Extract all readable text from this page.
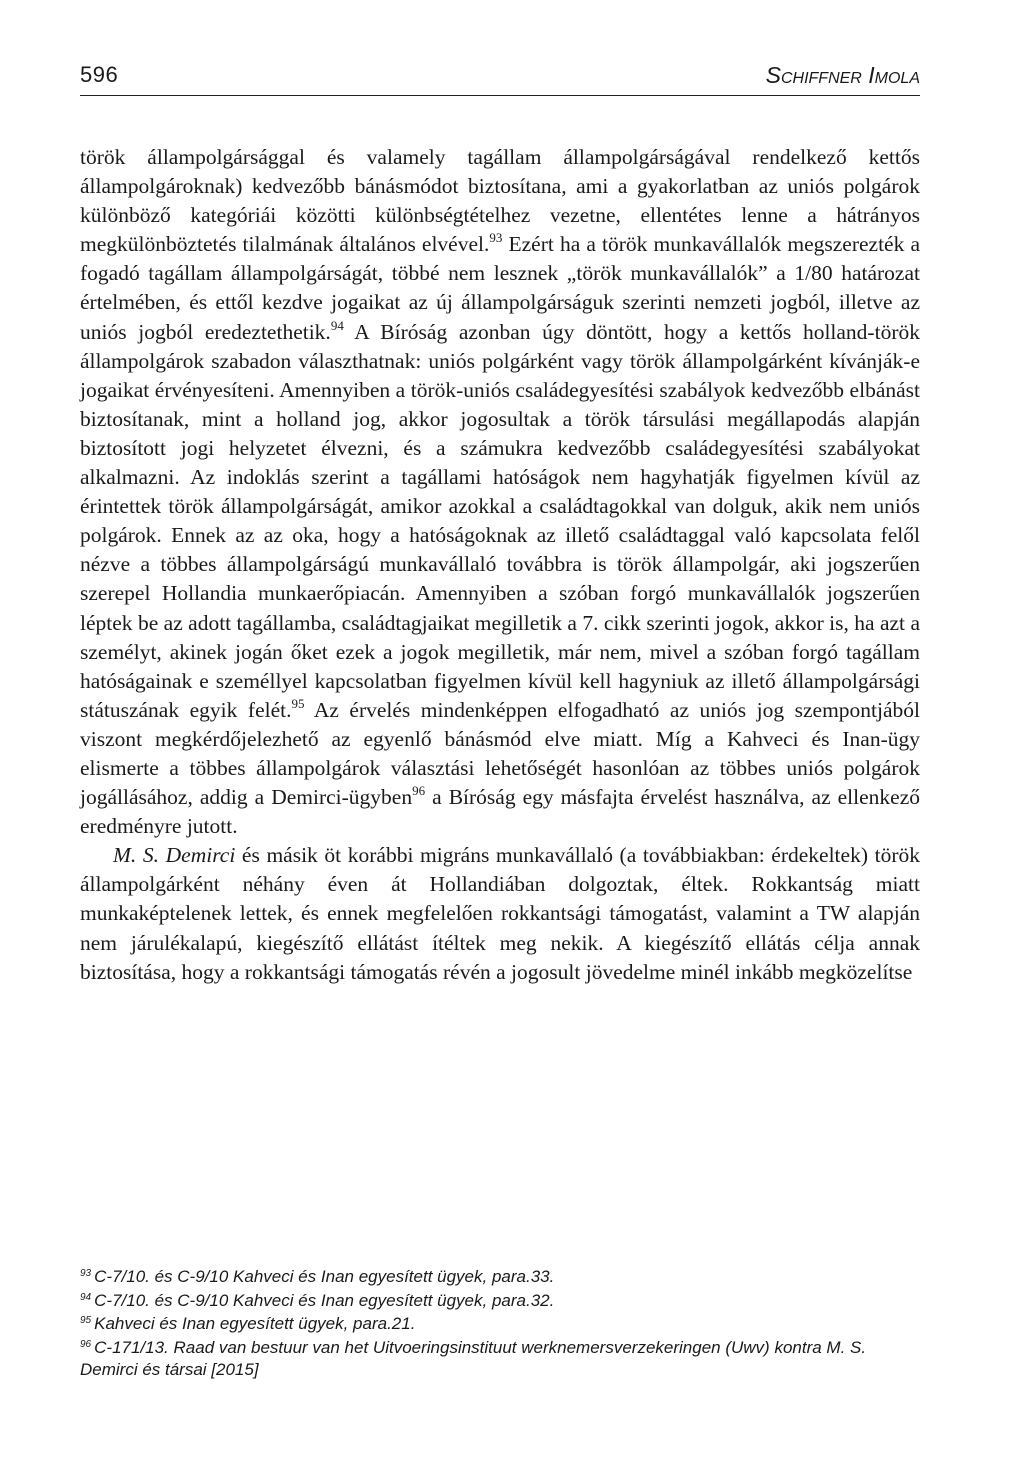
596	Schiffner Imola

török állampolgársággal és valamely tagállam állampolgárságával rendelkező kettős állampolgároknak) kedvezőbb bánásmódot biztosítana, ami a gyakorlatban az uniós polgárok különböző kategóriái közötti különbségtételhez vezetne, ellentétes lenne a hátrányos megkülönböztetés tilalmának általános elvével.$^{93}$ Ezért ha a török munkavállalók megszerezték a fogadó tagállam állampolgárságát, többé nem lesznek „török munkavállalók” a 1/80 határozat értelmében, és ettől kezdve jogaikat az új állampolgárságuk szerinti nemzeti jogból, illetve az uniós jogból eredeztethetik.$^{94}$ A Bíróság azonban úgy döntött, hogy a kettős holland-török állampolgárok szabadon választhatnak: uniós polgárként vagy török állampolgárként kívánják-e jogaikat érvényesíteni. Amennyiben a török-uniós családegyesítési szabályok kedvezőbb elbánást biztosítanak, mint a holland jog, akkor jogosultak a török társulási megállapodás alapján biztosított jogi helyzetet élvezni, és a számukra kedvezőbb családegyesítési szabályokat alkalmazni. Az indoklás szerint a tagállami hatóságok nem hagyhatják figyelmen kívül az érintettek török állampolgárságát, amikor azokkal a családtagokkal van dolguk, akik nem uniós polgárok. Ennek az az oka, hogy a hatóságoknak az illető családtaggal való kapcsolata felől nézve a többes állampolgárságú munkavállaló továbbra is török állampolgár, aki jogszerűen szerepel Hollandia munkaerőpiacán. Amennyiben a szóban forgó munkavállalók jogszerűen léptek be az adott tagállamba, családtagjaikat megilletik a 7. cikk szerinti jogok, akkor is, ha azt a személyt, akinek jogán őket ezek a jogok megilletik, már nem, mivel a szóban forgó tagállam hatóságainak e személlyel kapcsolatban figyelmen kívül kell hagyniuk az illető állampolgársági státuszának egyik felét.$^{95}$ Az érvelés mindenképpen elfogadható az uniós jog szempontjából viszont megkérdőjelezhető az egyenlő bánásmód elve miatt. Míg a Kahveci és Inan-ügy elismerte a többes állampolgárok választási lehetőségét hasonlóan az többes uniós polgárok jogállásához, addig a Demirci-ügyben$^{96}$ a Bíróság egy másfajta érvelést használva, az ellenkező eredményre jutott.

M. S. Demirci és másik öt korábbi migráns munkavállaló (a továbbiakban: érdekeltek) török állampolgárként néhány éven át Hollandiában dolgoztak, éltek. Rokkantság miatt munkaképtelenek lettek, és ennek megfelelően rokkantsági támogatást, valamint a TW alapján nem járulékalapú, kiegészítő ellátást ítéltek meg nekik. A kiegészítő ellátás célja annak biztosítása, hogy a rokkantsági támogatás révén a jogosult jövedelme minél inkább megközelítse

$^{93}$ C-7/10. és C-9/10 Kahveci és Inan egyesített ügyek, para.33.
$^{94}$ C-7/10. és C-9/10 Kahveci és Inan egyesített ügyek, para.32.
$^{95}$ Kahveci és Inan egyesített ügyek, para.21.
$^{96}$ C-171/13. Raad van bestuur van het Uitvoeringsinstituut werknemersverzekeringen (Uwv) kontra M. S. Demirci és társai [2015]
